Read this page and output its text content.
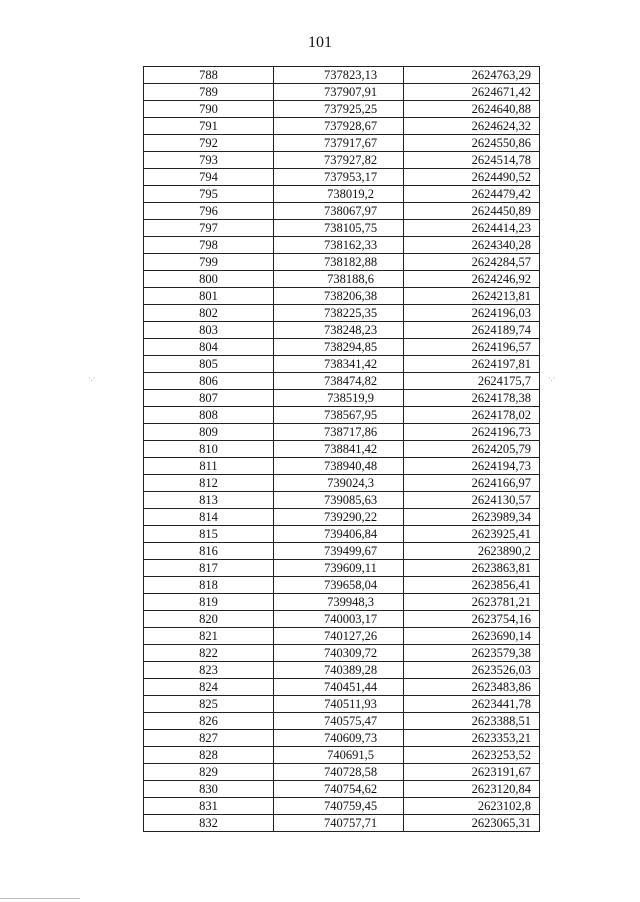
101
788	737823,13	2624763,29
789	737907,91	2624671,42
790	737925,25	2624640,88
791	737928,67	2624624,32
792	737917,67	2624550,86
793	737927,82	2624514,78
794	737953,17	2624490,52
795	738019,2	2624479,42
796	738067,97	2624450,89
797	738105,75	2624414,23
798	738162,33	2624340,28
799	738182,88	2624284,57
800	738188,6	2624246,92
801	738206,38	2624213,81
802	738225,35	2624196,03
803	738248,23	2624189,74
804	738294,85	2624196,57
805	738341,42	2624197,81
806	738474,82	2624175,7
807	738519,9	2624178,38
808	738567,95	2624178,02
809	738717,86	2624196,73
810	738841,42	2624205,79
811	738940,48	2624194,73
812	739024,3	2624166,97
813	739085,63	2624130,57
814	739290,22	2623989,34
815	739406,84	2623925,41
816	739499,67	2623890,2
817	739609,11	2623863,81
818	739658,04	2623856,41
819	739948,3	2623781,21
820	740003,17	2623754,16
821	740127,26	2623690,14
822	740309,72	2623579,38
823	740389,28	2623526,03
824	740451,44	2623483,86
825	740511,93	2623441,78
826	740575,47	2623388,51
827	740609,73	2623353,21
828	740691,5	2623253,52
829	740728,58	2623191,67
830	740754,62	2623120,84
831	740759,45	2623102,8
832	740757,71	2623065,31
·.·	·.·
